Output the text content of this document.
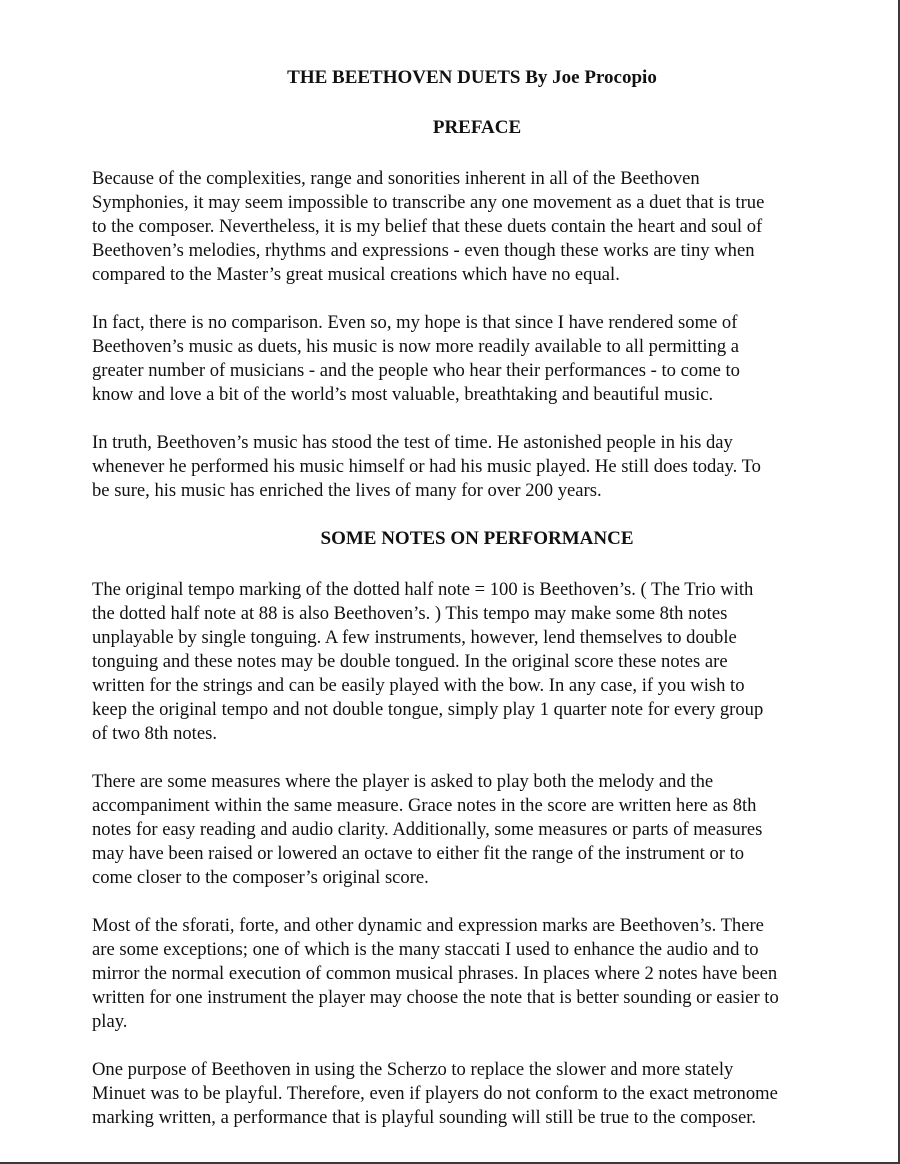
THE BEETHOVEN DUETS By Joe Procopio
PREFACE

Because of the complexities, range and sonorities inherent in all of the Beethoven
Symphonies, it may seem impossible to transcribe any one movement as a duet that is true
to the composer. Nevertheless, it is my belief that these duets contain the heart and soul of
Beethoven’s melodies, rhythms and expressions - even though these works are tiny when
compared to the Master’s great musical creations which have no equal.

In fact, there is no comparison. Even so, my hope is that since I have rendered some of
Beethoven’s music as duets, his music is now more readily available to all permitting a
greater number of musicians - and the people who hear their performances - to come to
know and love a bit of the world’s most valuable, breathtaking and beautiful music.

In truth, Beethoven’s music has stood the test of time. He astonished people in his day
whenever he performed his music himself or had his music played. He still does today. To
be sure, his music has enriched the lives of many for over 200 years.

SOME NOTES ON PERFORMANCE

The original tempo marking of the dotted half note = 100 is Beethoven’s. ( The Trio with
the dotted half note at 88 is also Beethoven’s. ) This tempo may make some 8th notes
unplayable by single tonguing. A few instruments, however, lend themselves to double
tonguing and these notes may be double tongued. In the original score these notes are
written for the strings and can be easily played with the bow. In any case, if you wish to
keep the original tempo and not double tongue, simply play 1 quarter note for every group
of two 8th notes.

There are some measures where the player is asked to play both the melody and the
accompaniment within the same measure. Grace notes in the score are written here as 8th
notes for easy reading and audio clarity. Additionally, some measures or parts of measures
may have been raised or lowered an octave to either fit the range of the instrument or to
come closer to the composer’s original score.

Most of the sforati, forte, and other dynamic and expression marks are Beethoven’s. There
are some exceptions; one of which is the many staccati I used to enhance the audio and to
mirror the normal execution of common musical phrases. In places where 2 notes have been
written for one instrument the player may choose the note that is better sounding or easier to
play.

One purpose of Beethoven in using the Scherzo to replace the slower and more stately
Minuet was to be playful. Therefore, even if players do not conform to the exact metronome
marking written, a performance that is playful sounding will still be true to the composer.
